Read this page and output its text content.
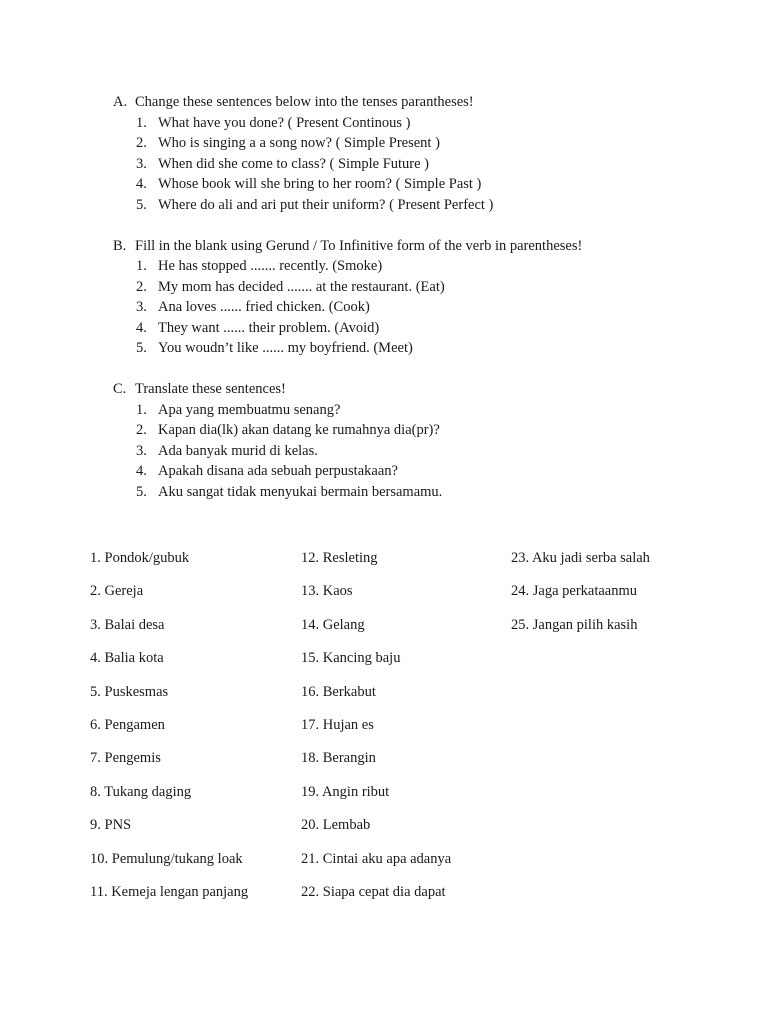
A. Change these sentences below into the tenses parantheses!
1. What have you done? ( Present Continous )
2. Who is singing a a song now? ( Simple Present )
3. When did she come to class? ( Simple Future )
4. Whose book will she bring to her room? ( Simple Past )
5. Where do ali and ari put their uniform? ( Present Perfect )
B. Fill in the blank using Gerund / To Infinitive form of the verb in parentheses!
1. He has stopped ....... recently. (Smoke)
2. My mom has decided ....... at the restaurant. (Eat)
3. Ana loves ...... fried chicken. (Cook)
4. They want ...... their problem. (Avoid)
5. You woudn’t like ...... my boyfriend. (Meet)
C. Translate these sentences!
1. Apa yang membuatmu senang?
2. Kapan dia(lk) akan datang ke rumahnya dia(pr)?
3. Ada banyak murid di kelas.
4. Apakah disana ada sebuah perpustakaan?
5. Aku sangat tidak menyukai bermain bersamamu.
1. Pondok/gubuk
2. Gereja
3. Balai desa
4. Balia kota
5. Puskesmas
6. Pengamen
7. Pengemis
8. Tukang daging
9. PNS
10. Pemulung/tukang loak
11. Kemeja lengan panjang
12. Resleting
13. Kaos
14. Gelang
15. Kancing baju
16. Berkabut
17. Hujan es
18. Berangin
19. Angin ribut
20. Lembab
21. Cintai aku apa adanya
22. Siapa cepat dia dapat
23. Aku jadi serba salah
24. Jaga perkataanmu
25. Jangan pilih kasih
